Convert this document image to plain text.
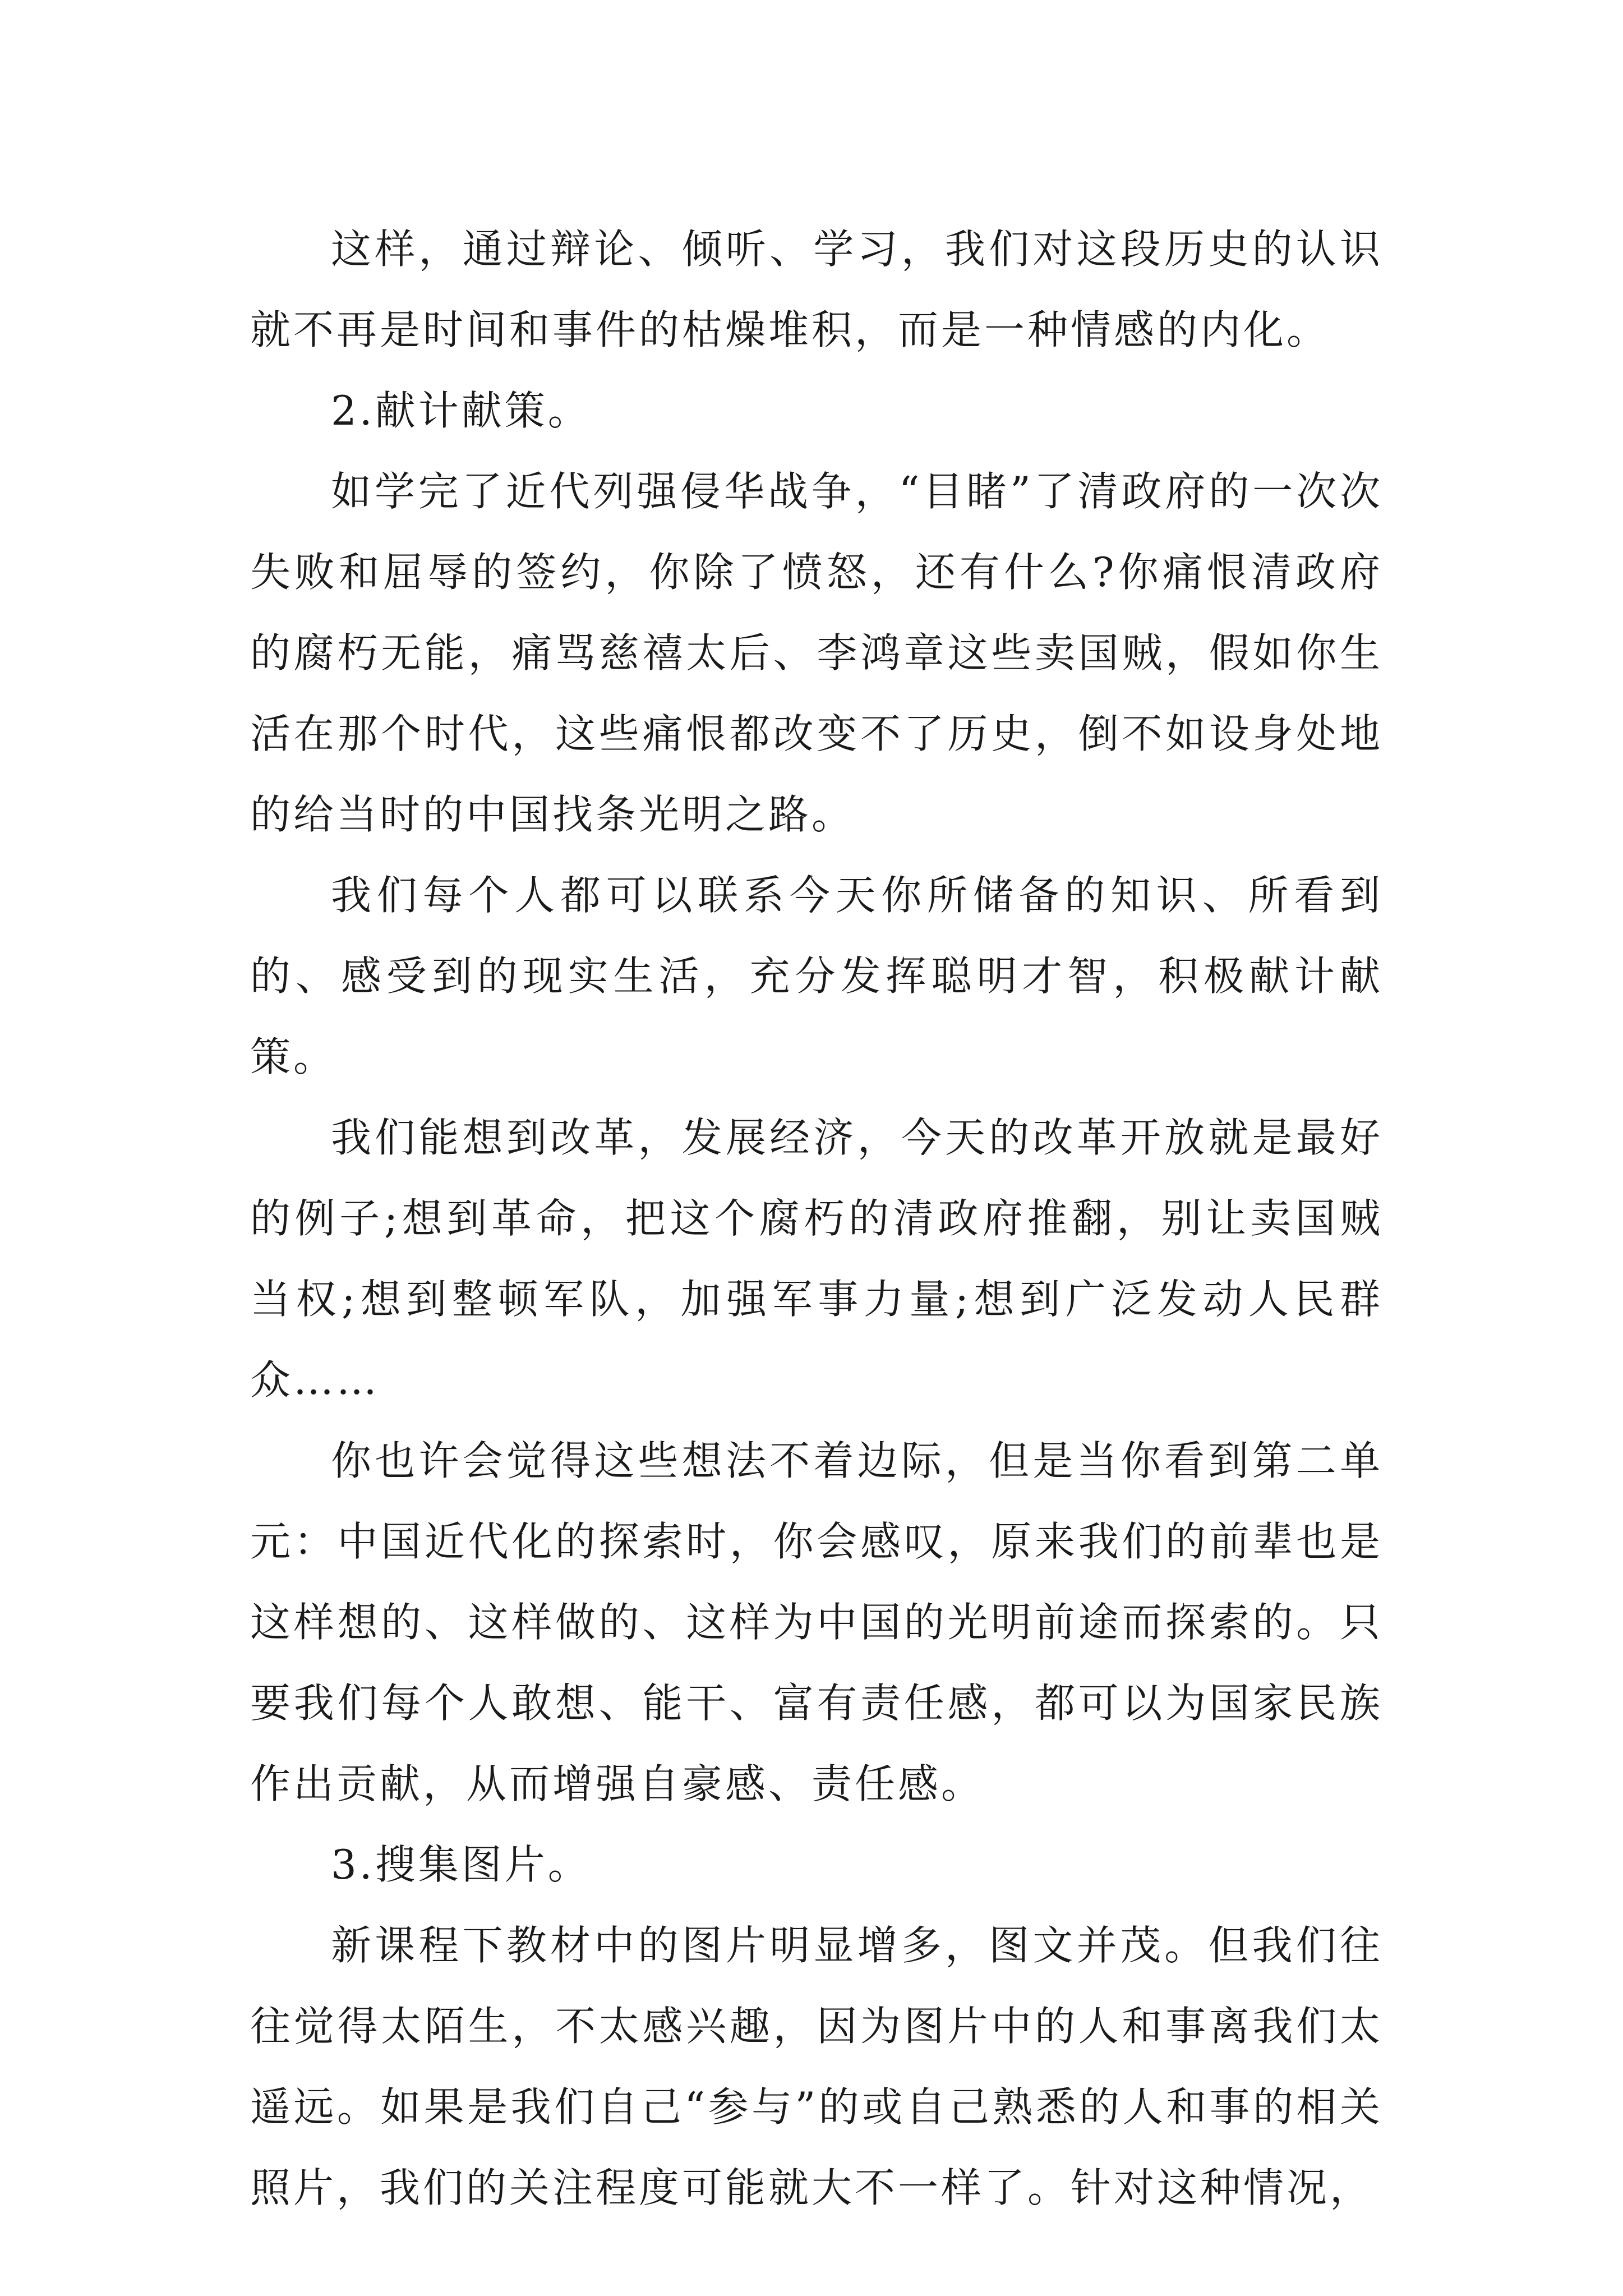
这样，通过辩论、倾听、学习，我们对这段历史的认识就不再是时间和事件的枯燥堆积，而是一种情感的内化。

2.献计献策。

如学完了近代列强侵华战争，“目睹”了清政府的一次次失败和屈辱的签约，你除了愤怒，还有什么?你痛恨清政府的腐朽无能，痛骂慈禧太后、李鸿章这些卖国贼，假如你生活在那个时代，这些痛恨都改变不了历史，倒不如设身处地的给当时的中国找条光明之路。

我们每个人都可以联系今天你所储备的知识、所看到的、感受到的现实生活，充分发挥聪明才智，积极献计献策。

我们能想到改革，发展经济，今天的改革开放就是最好的例子;想到革命，把这个腐朽的清政府推翻，别让卖国贼当权;想到整顿军队，加强军事力量;想到广泛发动人民群众……

你也许会觉得这些想法不着边际，但是当你看到第二单元：中国近代化的探索时，你会感叹，原来我们的前辈也是这样想的、这样做的、这样为中国的光明前途而探索的。只要我们每个人敢想、能干、富有责任感，都可以为国家民族作出贡献，从而增强自豪感、责任感。

3.搜集图片。

新课程下教材中的图片明显增多，图文并茂。但我们往往觉得太陌生，不太感兴趣，因为图片中的人和事离我们太遥远。如果是我们自己“参与”的或自己熟悉的人和事的相关照片，我们的关注程度可能就大不一样了。针对这种情况，
